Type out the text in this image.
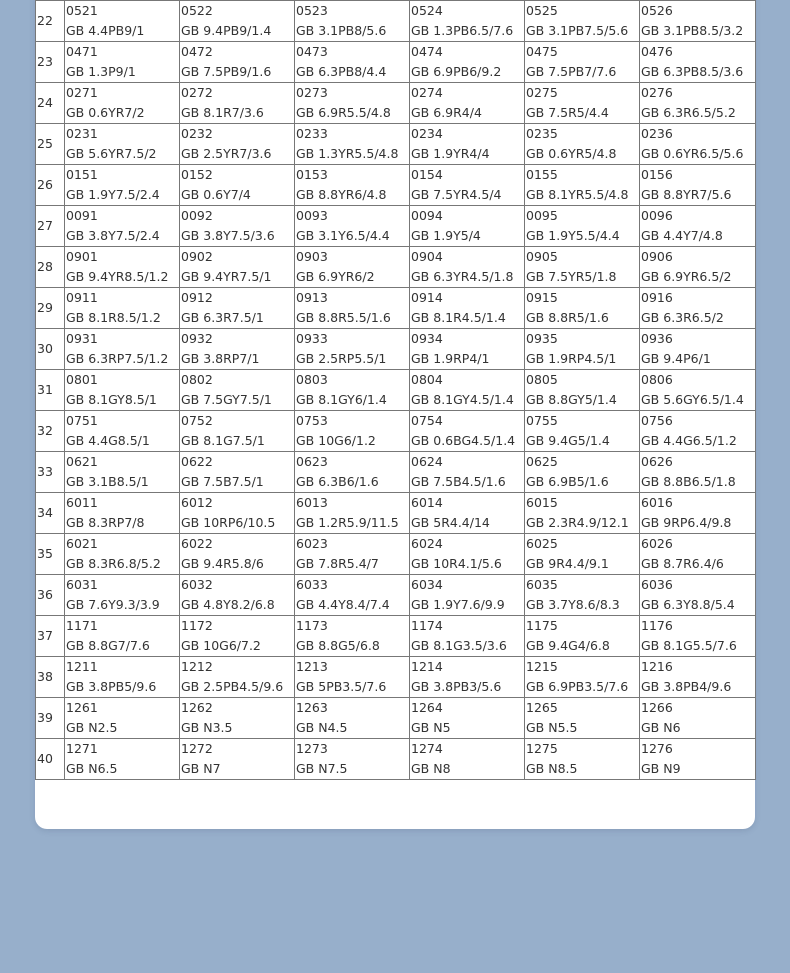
22	0521
GB 4.4PB9/1	0522
GB 9.4PB9/1.4	0523
GB 3.1PB8/5.6	0524
GB 1.3PB6.5/7.6	0525
GB 3.1PB7.5/5.6	0526
GB 3.1PB8.5/3.2

23	0471
GB 1.3P9/1	0472
GB 7.5PB9/1.6	0473
GB 6.3PB8/4.4	0474
GB 6.9PB6/9.2	0475
GB 7.5PB7/7.6	0476
GB 6.3PB8.5/3.6

24	0271
GB 0.6YR7/2	0272
GB 8.1R7/3.6	0273
GB 6.9R5.5/4.8	0274
GB 6.9R4/4	0275
GB 7.5R5/4.4	0276
GB 6.3R6.5/5.2

25	0231
GB 5.6YR7.5/2	0232
GB 2.5YR7/3.6	0233
GB 1.3YR5.5/4.8	0234
GB 1.9YR4/4	0235
GB 0.6YR5/4.8	0236
GB 0.6YR6.5/5.6

26	0151
GB 1.9Y7.5/2.4	0152
GB 0.6Y7/4	0153
GB 8.8YR6/4.8	0154
GB 7.5YR4.5/4	0155
GB 8.1YR5.5/4.8	0156
GB 8.8YR7/5.6

27	0091
GB 3.8Y7.5/2.4	0092
GB 3.8Y7.5/3.6	0093
GB 3.1Y6.5/4.4	0094
GB 1.9Y5/4	0095
GB 1.9Y5.5/4.4	0096
GB 4.4Y7/4.8

28	0901
GB 9.4YR8.5/1.2	0902
GB 9.4YR7.5/1	0903
GB 6.9YR6/2	0904
GB 6.3YR4.5/1.8	0905
GB 7.5YR5/1.8	0906
GB 6.9YR6.5/2

29	0911
GB 8.1R8.5/1.2	0912
GB 6.3R7.5/1	0913
GB 8.8R5.5/1.6	0914
GB 8.1R4.5/1.4	0915
GB 8.8R5/1.6	0916
GB 6.3R6.5/2

30	0931
GB 6.3RP7.5/1.2	0932
GB 3.8RP7/1	0933
GB 2.5RP5.5/1	0934
GB 1.9RP4/1	0935
GB 1.9RP4.5/1	0936
GB 9.4P6/1

31	0801
GB 8.1GY8.5/1	0802
GB 7.5GY7.5/1	0803
GB 8.1GY6/1.4	0804
GB 8.1GY4.5/1.4	0805
GB 8.8GY5/1.4	0806
GB 5.6GY6.5/1.4

32	0751
GB 4.4G8.5/1	0752
GB 8.1G7.5/1	0753
GB 10G6/1.2	0754
GB 0.6BG4.5/1.4	0755
GB 9.4G5/1.4	0756
GB 4.4G6.5/1.2

33	0621
GB 3.1B8.5/1	0622
GB 7.5B7.5/1	0623
GB 6.3B6/1.6	0624
GB 7.5B4.5/1.6	0625
GB 6.9B5/1.6	0626
GB 8.8B6.5/1.8

34	6011
GB 8.3RP7/8	6012
GB 10RP6/10.5	6013
GB 1.2R5.9/11.5	6014
GB 5R4.4/14	6015
GB 2.3R4.9/12.1	6016
GB 9RP6.4/9.8

35	6021
GB 8.3R6.8/5.2	6022
GB 9.4R5.8/6	6023
GB 7.8R5.4/7	6024
GB 10R4.1/5.6	6025
GB 9R4.4/9.1	6026
GB 8.7R6.4/6

36	6031
GB 7.6Y9.3/3.9	6032
GB 4.8Y8.2/6.8	6033
GB 4.4Y8.4/7.4	6034
GB 1.9Y7.6/9.9	6035
GB 3.7Y8.6/8.3	6036
GB 6.3Y8.8/5.4

37	1171
GB 8.8G7/7.6	1172
GB 10G6/7.2	1173
GB 8.8G5/6.8	1174
GB 8.1G3.5/3.6	1175
GB 9.4G4/6.8	1176
GB 8.1G5.5/7.6

38	1211
GB 3.8PB5/9.6	1212
GB 2.5PB4.5/9.6	1213
GB 5PB3.5/7.6	1214
GB 3.8PB3/5.6	1215
GB 6.9PB3.5/7.6	1216
GB 3.8PB4/9.6

39	1261
GB N2.5	1262
GB N3.5	1263
GB N4.5	1264
GB N5	1265
GB N5.5	1266
GB N6

40	1271
GB N6.5	1272
GB N7	1273
GB N7.5	1274
GB N8	1275
GB N8.5	1276
GB N9
